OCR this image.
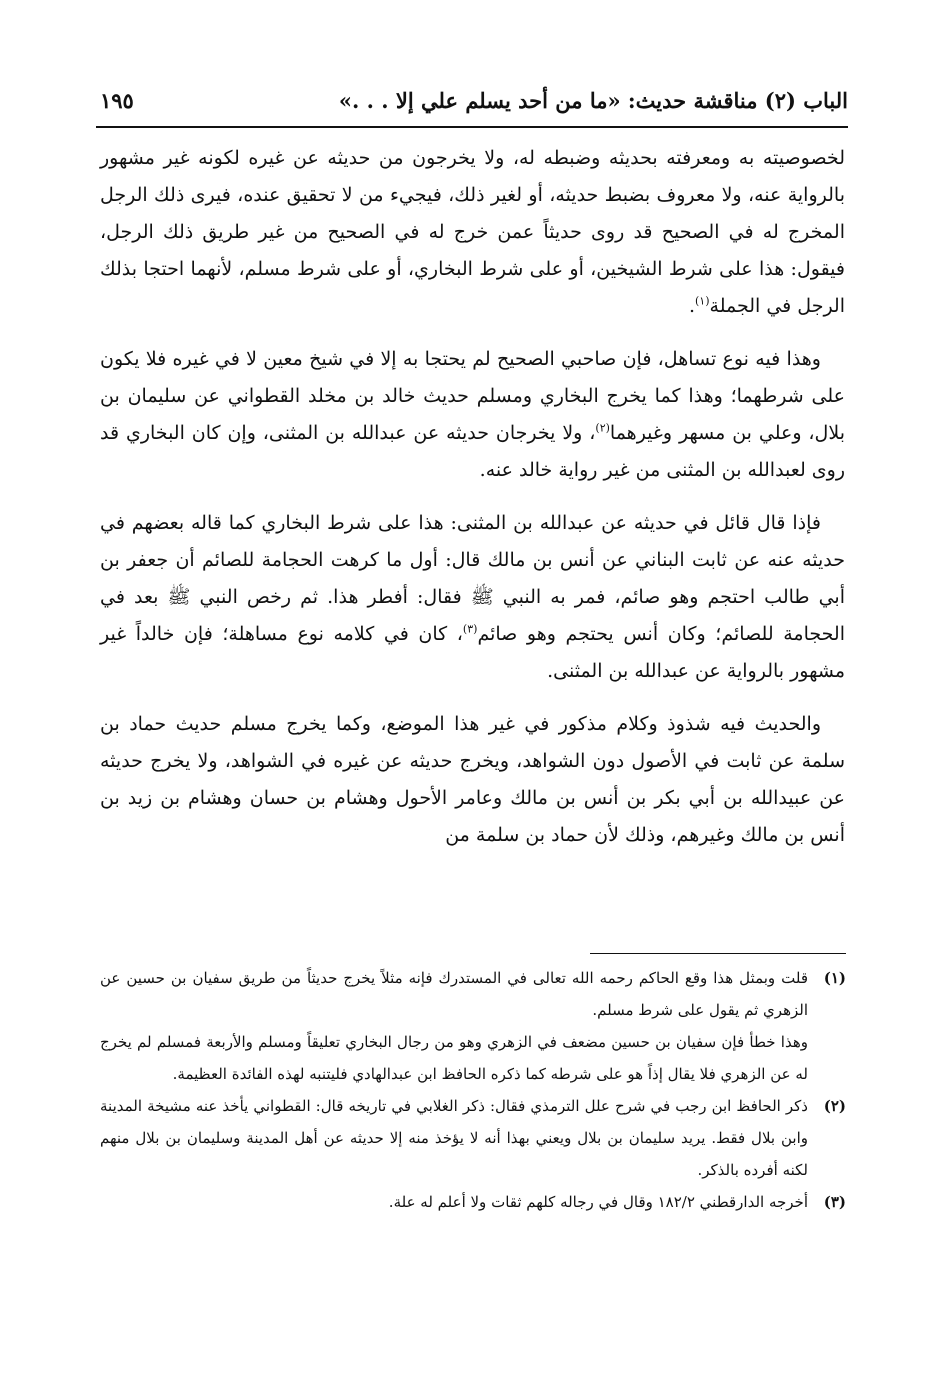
الباب (٢) مناقشة حديث: «ما من أحد يسلم علي إلا . . .»
١٩٥

لخصوصيته به ومعرفته بحديثه وضبطه له، ولا يخرجون من حديثه عن غيره لكونه غير مشهور بالرواية عنه، ولا معروف بضبط حديثه، أو لغير ذلك، فيجيء من لا تحقيق عنده، فيرى ذلك الرجل المخرج له في الصحيح قد روى حديثاً عمن خرج له في الصحيح من غير طريق ذلك الرجل، فيقول: هذا على شرط الشيخين، أو على شرط البخاري، أو على شرط مسلم، لأنهما احتجا بذلك الرجل في الجملة$^{(١)}$.

وهذا فيه نوع تساهل، فإن صاحبي الصحيح لم يحتجا به إلا في شيخ معين لا في غيره فلا يكون على شرطهما؛ وهذا كما يخرج البخاري ومسلم حديث خالد بن مخلد القطواني عن سليمان بن بلال، وعلي بن مسهر وغيرهما$^{(٢)}$، ولا يخرجان حديثه عن عبدالله بن المثنى، وإن كان البخاري قد روى لعبدالله بن المثنى من غير رواية خالد عنه.

فإذا قال قائل في حديثه عن عبدالله بن المثنى: هذا على شرط البخاري كما قاله بعضهم في حديثه عنه عن ثابت البناني عن أنس بن مالك قال: أول ما كرهت الحجامة للصائم أن جعفر بن أبي طالب احتجم وهو صائم، فمر به النبي ﷺ فقال: أفطر هذا. ثم رخص النبي ﷺ بعد في الحجامة للصائم؛ وكان أنس يحتجم وهو صائم$^{(٣)}$، كان في كلامه نوع مساهلة؛ فإن خالداً غير مشهور بالرواية عن عبدالله بن المثنى.

والحديث فيه شذوذ وكلام مذكور في غير هذا الموضع، وكما يخرج مسلم حديث حماد بن سلمة عن ثابت في الأصول دون الشواهد، ويخرج حديثه عن غيره في الشواهد، ولا يخرج حديثه عن عبيدالله بن أبي بكر بن أنس بن مالك وعامر الأحول وهشام بن حسان وهشام بن زيد بن أنس بن مالك وغيرهم، وذلك لأن حماد بن سلمة من

(١)

قلت وبمثل هذا وقع الحاكم رحمه الله تعالى في المستدرك فإنه مثلاً يخرج حديثاً من طريق سفيان بن حسين عن الزهري ثم يقول على شرط مسلم.

وهذا خطأ فإن سفيان بن حسين مضعف في الزهري وهو من رجال البخاري تعليقاً ومسلم والأربعة فمسلم لم يخرج له عن الزهري فلا يقال إذاً هو على شرطه كما ذكره الحافظ ابن عبدالهادي فليتنبه لهذه الفائدة العظيمة.

(٢)

ذكر الحافظ ابن رجب في شرح علل الترمذي فقال: ذكر الغلابي في تاريخه قال: القطواني يأخذ عنه مشيخة المدينة وابن بلال فقط. يريد سليمان بن بلال ويعني بهذا أنه لا يؤخذ منه إلا حديثه عن أهل المدينة وسليمان بن بلال منهم لكنه أفرده بالذكر.

(٣)

أخرجه الدارقطني ١٨٢/٢ وقال في رجاله كلهم ثقات ولا أعلم له علة.
